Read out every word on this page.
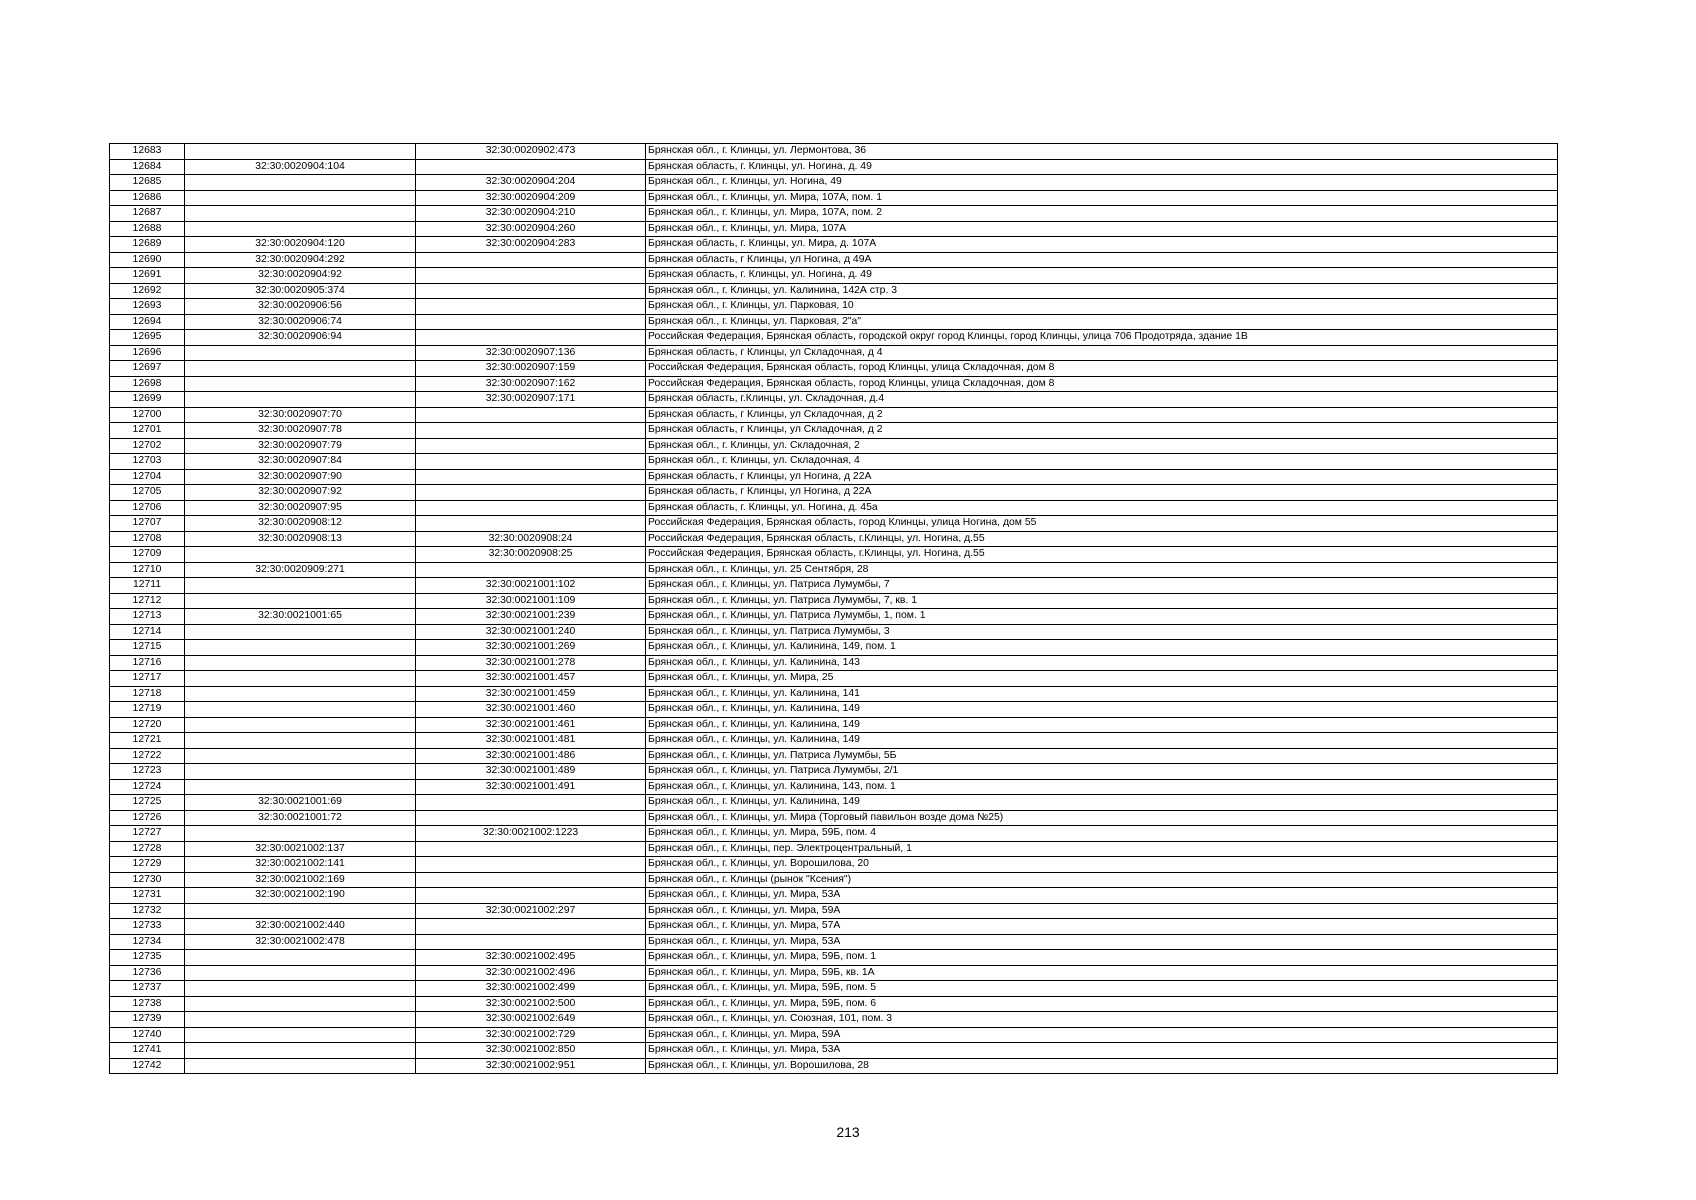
12683		32:30:0020902:473	Брянская обл., г. Клинцы, ул. Лермонтова, 36
12684	32:30:0020904:104		Брянская область, г. Клинцы, ул. Ногина, д. 49
12685		32:30:0020904:204	Брянская обл., г. Клинцы, ул. Ногина, 49
12686		32:30:0020904:209	Брянская обл., г. Клинцы, ул. Мира, 107А, пом. 1
12687		32:30:0020904:210	Брянская обл., г. Клинцы, ул. Мира, 107А, пом. 2
12688		32:30:0020904:260	Брянская обл., г. Клинцы, ул. Мира, 107А
12689	32:30:0020904:120	32:30:0020904:283	Брянская область, г. Клинцы, ул. Мира, д. 107А
12690	32:30:0020904:292		Брянская область, г Клинцы, ул Ногина, д 49А
12691	32:30:0020904:92		Брянская область, г. Клинцы, ул. Ногина, д. 49
12692	32:30:0020905:374		Брянская обл., г. Клинцы, ул. Калинина, 142А стр. 3
12693	32:30:0020906:56		Брянская обл., г. Клинцы, ул. Парковая, 10
12694	32:30:0020906:74		Брянская обл., г. Клинцы, ул. Парковая, 2"а"
12695	32:30:0020906:94		Российская Федерация, Брянская область, городской округ город Клинцы, город Клинцы, улица 706 Продотряда, здание 1В
12696		32:30:0020907:136	Брянская область, г Клинцы, ул Складочная, д 4
12697		32:30:0020907:159	Российская Федерация, Брянская область, город Клинцы, улица Складочная, дом 8
12698		32:30:0020907:162	Российская Федерация, Брянская область, город Клинцы, улица Складочная, дом 8
12699		32:30:0020907:171	Брянская область, г.Клинцы, ул. Складочная, д.4
12700	32:30:0020907:70		Брянская область, г Клинцы, ул Складочная, д 2
12701	32:30:0020907:78		Брянская область, г Клинцы, ул Складочная, д 2
12702	32:30:0020907:79		Брянская обл., г. Клинцы, ул. Складочная, 2
12703	32:30:0020907:84		Брянская обл., г. Клинцы, ул. Складочная, 4
12704	32:30:0020907:90		Брянская область, г Клинцы, ул Ногина, д 22А
12705	32:30:0020907:92		Брянская область, г Клинцы, ул Ногина, д 22А
12706	32:30:0020907:95		Брянская область, г. Клинцы, ул. Ногина, д. 45а
12707	32:30:0020908:12		Российская Федерация, Брянская область, город Клинцы, улица Ногина, дом 55
12708	32:30:0020908:13	32:30:0020908:24	Российская Федерация, Брянская область, г.Клинцы, ул. Ногина, д.55
12709		32:30:0020908:25	Российская Федерация, Брянская область, г.Клинцы, ул. Ногина, д.55
12710	32:30:0020909:271		Брянская обл., г. Клинцы, ул. 25 Сентября, 28
12711		32:30:0021001:102	Брянская обл., г. Клинцы, ул. Патриса Лумумбы, 7
12712		32:30:0021001:109	Брянская обл., г. Клинцы, ул. Патриса Лумумбы, 7, кв. 1
12713	32:30:0021001:65	32:30:0021001:239	Брянская обл., г. Клинцы, ул. Патриса Лумумбы, 1, пом. 1
12714		32:30:0021001:240	Брянская обл., г. Клинцы, ул. Патриса Лумумбы, 3
12715		32:30:0021001:269	Брянская обл., г. Клинцы, ул. Калинина, 149, пом. 1
12716		32:30:0021001:278	Брянская обл., г. Клинцы, ул. Калинина, 143
12717		32:30:0021001:457	Брянская обл., г. Клинцы, ул. Мира, 25
12718		32:30:0021001:459	Брянская обл., г. Клинцы, ул. Калинина, 141
12719		32:30:0021001:460	Брянская обл., г. Клинцы, ул. Калинина, 149
12720		32:30:0021001:461	Брянская обл., г. Клинцы, ул. Калинина, 149
12721		32:30:0021001:481	Брянская обл., г. Клинцы, ул. Калинина, 149
12722		32:30:0021001:486	Брянская обл., г. Клинцы, ул. Патриса Лумумбы, 5Б
12723		32:30:0021001:489	Брянская обл., г. Клинцы, ул. Патриса Лумумбы, 2/1
12724		32:30:0021001:491	Брянская обл., г. Клинцы, ул. Калинина, 143, пом. 1
12725	32:30:0021001:69		Брянская обл., г. Клинцы, ул. Калинина, 149
12726	32:30:0021001:72		Брянская обл., г. Клинцы, ул. Мира (Торговый павильон возде дома №25)
12727		32:30:0021002:1223	Брянская обл., г. Клинцы, ул. Мира, 59Б, пом. 4
12728	32:30:0021002:137		Брянская обл., г. Клинцы, пер. Электроцентральный, 1
12729	32:30:0021002:141		Брянская обл., г. Клинцы, ул. Ворошилова, 20
12730	32:30:0021002:169		Брянская обл., г. Клинцы (рынок "Ксения")
12731	32:30:0021002:190		Брянская обл., г. Клинцы, ул. Мира, 53А
12732		32:30:0021002:297	Брянская обл., г. Клинцы, ул. Мира, 59А
12733	32:30:0021002:440		Брянская обл., г. Клинцы, ул. Мира, 57А
12734	32:30:0021002:478		Брянская обл., г. Клинцы, ул. Мира, 53А
12735		32:30:0021002:495	Брянская обл., г. Клинцы, ул. Мира, 59Б, пом. 1
12736		32:30:0021002:496	Брянская обл., г. Клинцы, ул. Мира, 59Б, кв. 1А
12737		32:30:0021002:499	Брянская обл., г. Клинцы, ул. Мира, 59Б, пом. 5
12738		32:30:0021002:500	Брянская обл., г. Клинцы, ул. Мира, 59Б, пом. 6
12739		32:30:0021002:649	Брянская обл., г. Клинцы, ул. Союзная, 101, пом. 3
12740		32:30:0021002:729	Брянская обл., г. Клинцы, ул. Мира, 59А
12741		32:30:0021002:850	Брянская обл., г. Клинцы, ул. Мира, 53А
12742		32:30:0021002:951	Брянская обл., г. Клинцы, ул. Ворошилова, 28
213
